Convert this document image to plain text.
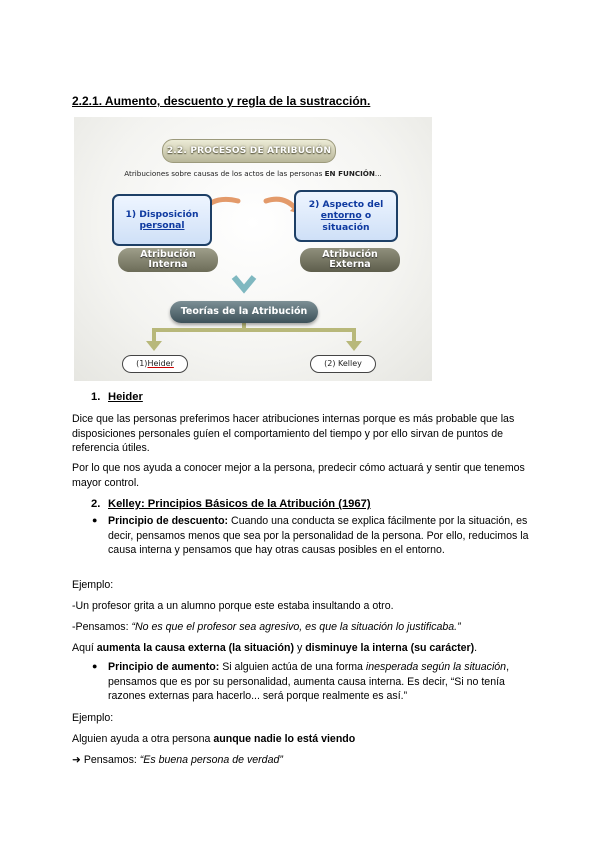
2.2.1. Aumento, descuento y regla de la sustracción.
2.2. PROCESOS DE ATRIBUCIÓN
Atribuciones sobre causas de los actos de las personas EN FUNCIÓN...
1) Disposición
personal
2) Aspecto del
entorno o
situación
Atribución
Interna
Atribución
Externa
Teorías de la Atribución
(1) Heider	(2) Kelley
1. Heider
Dice que las personas preferimos hacer atribuciones internas porque es más probable que las disposiciones personales guíen el comportamiento del tiempo y por ello sirvan de puntos de referencia útiles.
Por lo que nos ayuda a conocer mejor a la persona, predecir cómo actuará y sentir que tenemos mayor control.
2. Kelley: Principios Básicos de la Atribución (1967)
● Principio de descuento: Cuando una conducta se explica fácilmente por la situación, es decir, pensamos menos que sea por la personalidad de la persona. Por ello, reducimos la causa interna y pensamos que hay otras causas posibles en el entorno.
Ejemplo:
-Un profesor grita a un alumno porque este estaba insultando a otro.
-Pensamos: “No es que el profesor sea agresivo, es que la situación lo justificaba.”
Aquí aumenta la causa externa (la situación) y disminuye la interna (su carácter).
● Principio de aumento: Si alguien actúa de una forma inesperada según la situación, pensamos que es por su personalidad, aumenta causa interna. Es decir, “Si no tenía razones externas para hacerlo... será porque realmente es así.”
Ejemplo:
Alguien ayuda a otra persona aunque nadie lo está viendo
➜ Pensamos: “Es buena persona de verdad”
